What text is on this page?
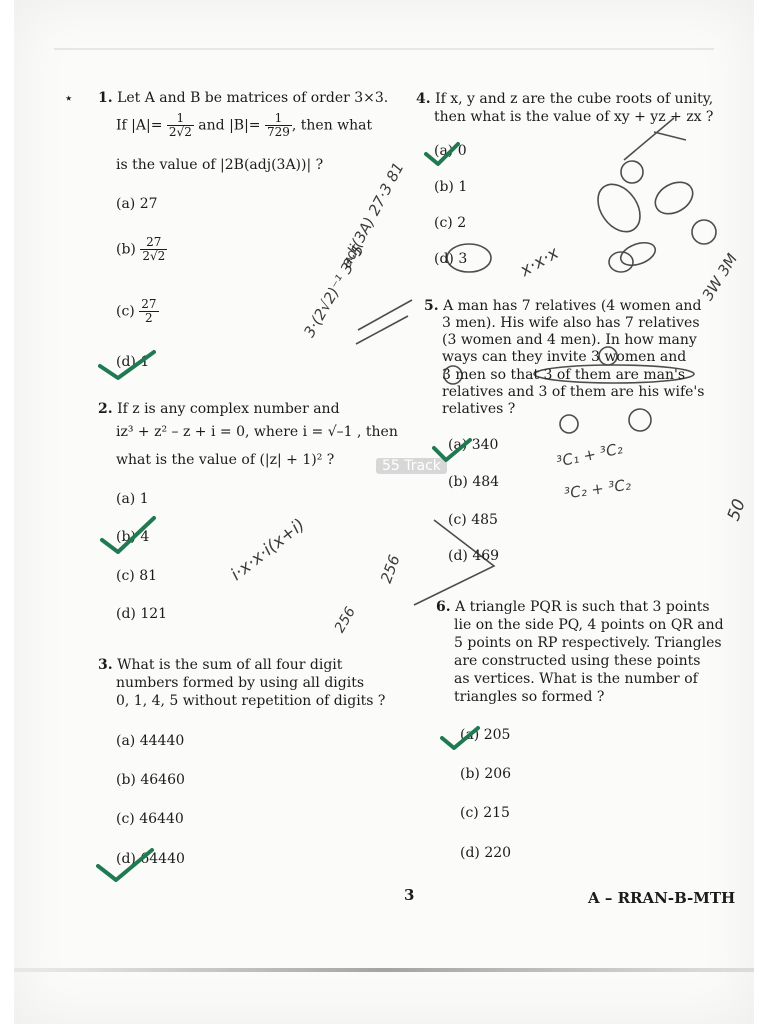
⋆ 1. Let A and B be matrices of order 3×3.
If $|A|= \frac{1}{2√2}$ and $|B|= \frac{1}{729}$ , then what
is the value of |2B(adj(3A))| ?
(a) 27
$(b) \frac{27}{2√2}$
$(c) \frac{27}{2}$
(d) 1
2. If z is any complex number and
iz³ + z² – z + i = 0, where i = √–1 , then
what is the value of (|z| + 1)² ?
(a) 1
(b) 4
(c) 81
(d) 121
3. What is the sum of all four digit
numbers formed by using all digits
0, 1, 4, 5 without repetition of digits ?
(a) 44440
(b) 46460
(c) 46440
(d) 64440
4. If x, y and z are the cube roots of unity,
then what is the value of xy + yz + zx ?
(a) 0
(b) 1
(c) 2
(d) 3
5. A man has 7 relatives (4 women and
3 men). His wife also has 7 relatives
(3 women and 4 men). In how many
ways can they invite 3 women and
3 men so that 3 of them are man's
relatives and 3 of them are his wife's
relatives ?
(a) 340
(b) 484
(c) 485
(d) 469
6. A triangle PQR is such that 3 points
lie on the side PQ, 4 points on QR and
5 points on RP respectively. Triangles
are constructed using these points
as vertices. What is the number of
triangles so formed ?
(a) 205
(b) 206
(c) 215
(d) 220
3	A – RRAN-B-MTH
55 Track
3·(2√2)⁻¹ 3ᴬ·5
adj(3A) 27·3 81
i·x·x·i(x+i)	256
256
x·x·x
³C₁ + ³C₂
³C₂ + ³C₂
3W 3M
50
